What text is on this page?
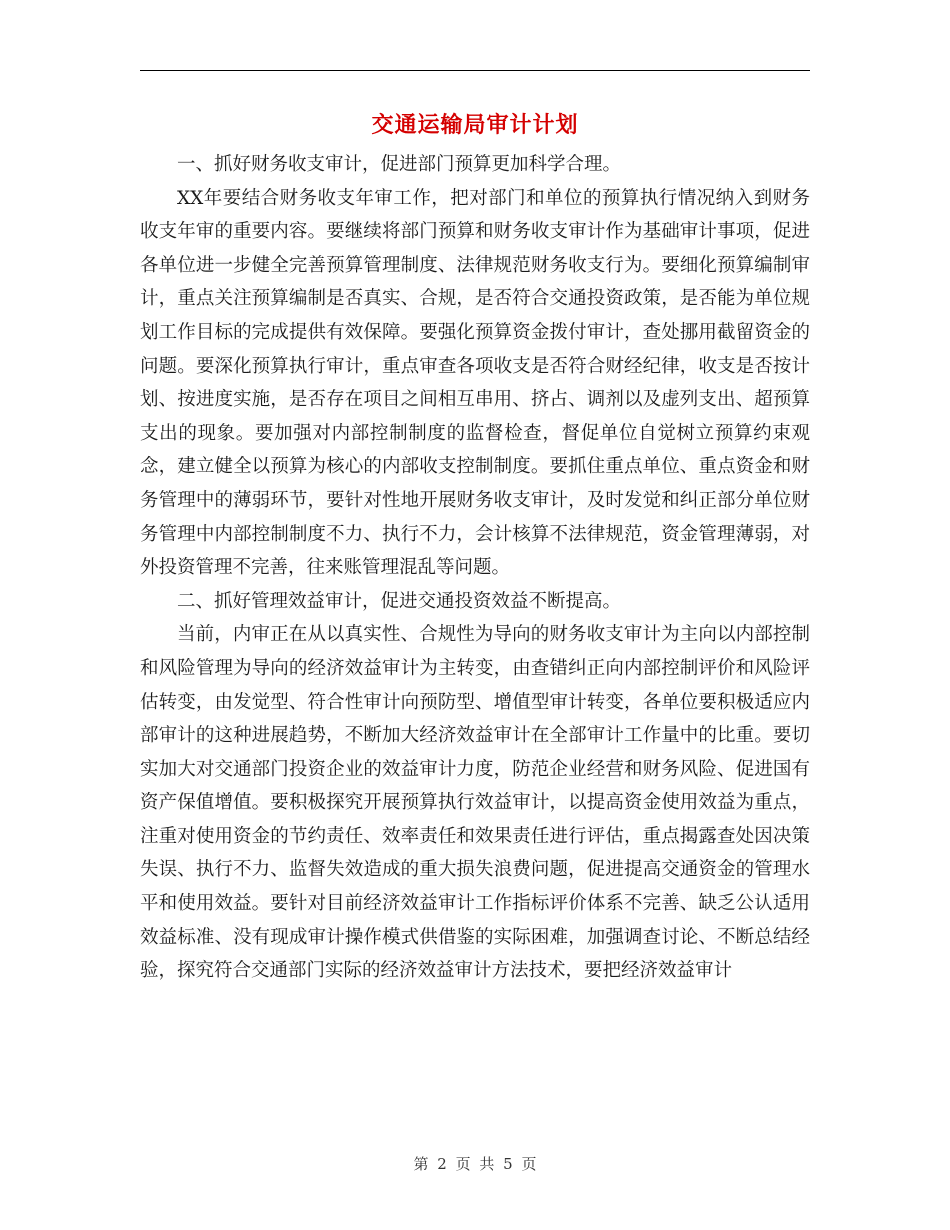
交通运输局审计计划

一、抓好财务收支审计，促进部门预算更加科学合理。

XX年要结合财务收支年审工作，把对部门和单位的预算执行情况纳入到财务收支年审的重要内容。要继续将部门预算和财务收支审计作为基础审计事项，促进各单位进一步健全完善预算管理制度、法律规范财务收支行为。要细化预算编制审计，重点关注预算编制是否真实、合规，是否符合交通投资政策，是否能为单位规划工作目标的完成提供有效保障。要强化预算资金拨付审计，查处挪用截留资金的问题。要深化预算执行审计，重点审查各项收支是否符合财经纪律，收支是否按计划、按进度实施，是否存在项目之间相互串用、挤占、调剂以及虚列支出、超预算支出的现象。要加强对内部控制制度的监督检查，督促单位自觉树立预算约束观念，建立健全以预算为核心的内部收支控制制度。要抓住重点单位、重点资金和财务管理中的薄弱环节，要针对性地开展财务收支审计，及时发觉和纠正部分单位财务管理中内部控制制度不力、执行不力，会计核算不法律规范，资金管理薄弱，对外投资管理不完善，往来账管理混乱等问题。

二、抓好管理效益审计，促进交通投资效益不断提高。

当前，内审正在从以真实性、合规性为导向的财务收支审计为主向以内部控制和风险管理为导向的经济效益审计为主转变，由查错纠正向内部控制评价和风险评估转变，由发觉型、符合性审计向预防型、增值型审计转变，各单位要积极适应内部审计的这种进展趋势，不断加大经济效益审计在全部审计工作量中的比重。要切实加大对交通部门投资企业的效益审计力度，防范企业经营和财务风险、促进国有资产保值增值。要积极探究开展预算执行效益审计，以提高资金使用效益为重点，注重对使用资金的节约责任、效率责任和效果责任进行评估，重点揭露查处因决策失误、执行不力、监督失效造成的重大损失浪费问题，促进提高交通资金的管理水平和使用效益。要针对目前经济效益审计工作指标评价体系不完善、缺乏公认适用效益标准、没有现成审计操作模式供借鉴的实际困难，加强调查讨论、不断总结经验，探究符合交通部门实际的经济效益审计方法技术，要把经济效益审计

第 2 页 共 5 页
